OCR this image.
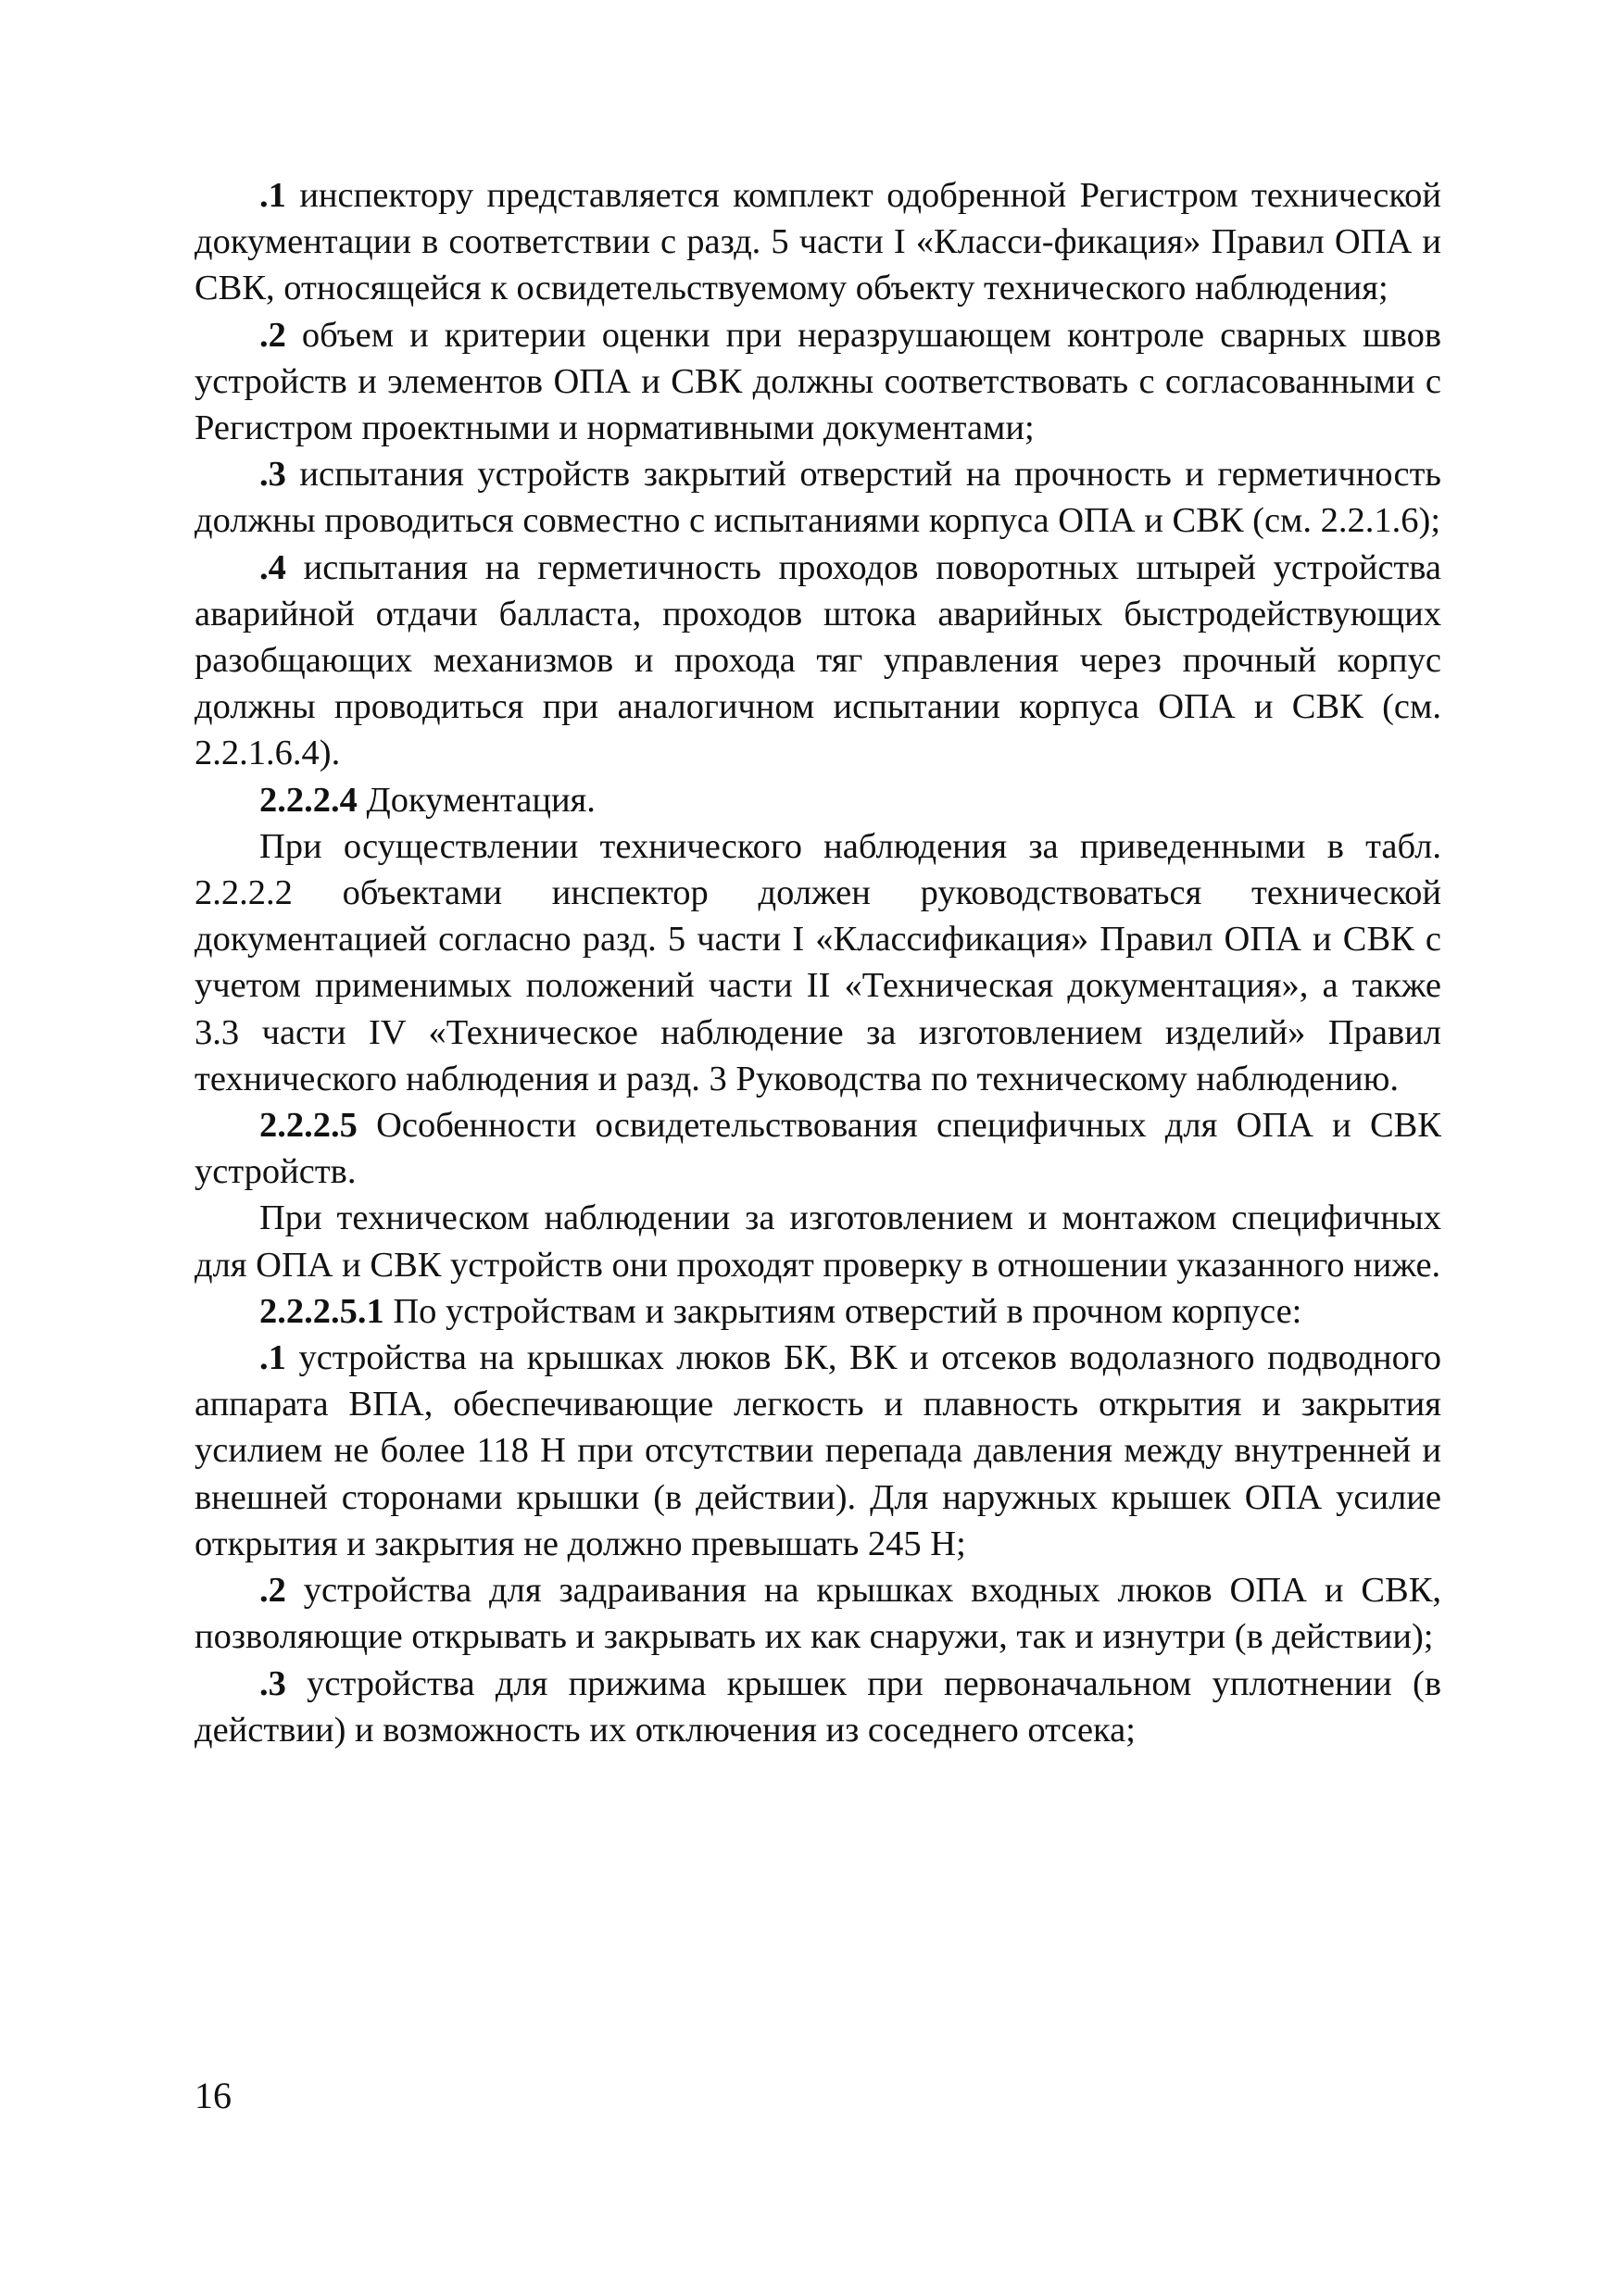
.1 инспектору представляется комплект одобренной Регистром технической документации в соответствии с разд. 5 части I «Класси-фикация» Правил ОПА и СВК, относящейся к освидетельствуемому объекту технического наблюдения;

.2 объем и критерии оценки при неразрушающем контроле сварных швов устройств и элементов ОПА и СВК должны соответствовать с согласованными с Регистром проектными и нормативными документами;

.3 испытания устройств закрытий отверстий на прочность и герметичность должны проводиться совместно с испытаниями корпуса ОПА и СВК (см. 2.2.1.6);

.4 испытания на герметичность проходов поворотных штырей устройства аварийной отдачи балласта, проходов штока аварийных быстродействующих разобщающих механизмов и прохода тяг управления через прочный корпус должны проводиться при аналогичном испытании корпуса ОПА и СВК (см. 2.2.1.6.4).

2.2.2.4 Документация.

При осуществлении технического наблюдения за приведенными в табл. 2.2.2.2 объектами инспектор должен руководствоваться технической документацией согласно разд. 5 части I «Классификация» Правил ОПА и СВК с учетом применимых положений части II «Техническая документация», а также 3.3 части IV «Техническое наблюдение за изготовлением изделий» Правил технического наблюдения и разд. 3 Руководства по техническому наблюдению.

2.2.2.5 Особенности освидетельствования специфичных для ОПА и СВК устройств.

При техническом наблюдении за изготовлением и монтажом специфичных для ОПА и СВК устройств они проходят проверку в отношении указанного ниже.

2.2.2.5.1 По устройствам и закрытиям отверстий в прочном корпусе:

.1 устройства на крышках люков БК, ВК и отсеков водолазного подводного аппарата ВПА, обеспечивающие легкость и плавность открытия и закрытия усилием не более 118 Н при отсутствии перепада давления между внутренней и внешней сторонами крышки (в действии). Для наружных крышек ОПА усилие открытия и закрытия не должно превышать 245 Н;

.2 устройства для задраивания на крышках входных люков ОПА и СВК, позволяющие открывать и закрывать их как снаружи, так и изнутри (в действии);

.3 устройства для прижима крышек при первоначальном уплотнении (в действии) и возможность их отключения из соседнего отсека;

16
